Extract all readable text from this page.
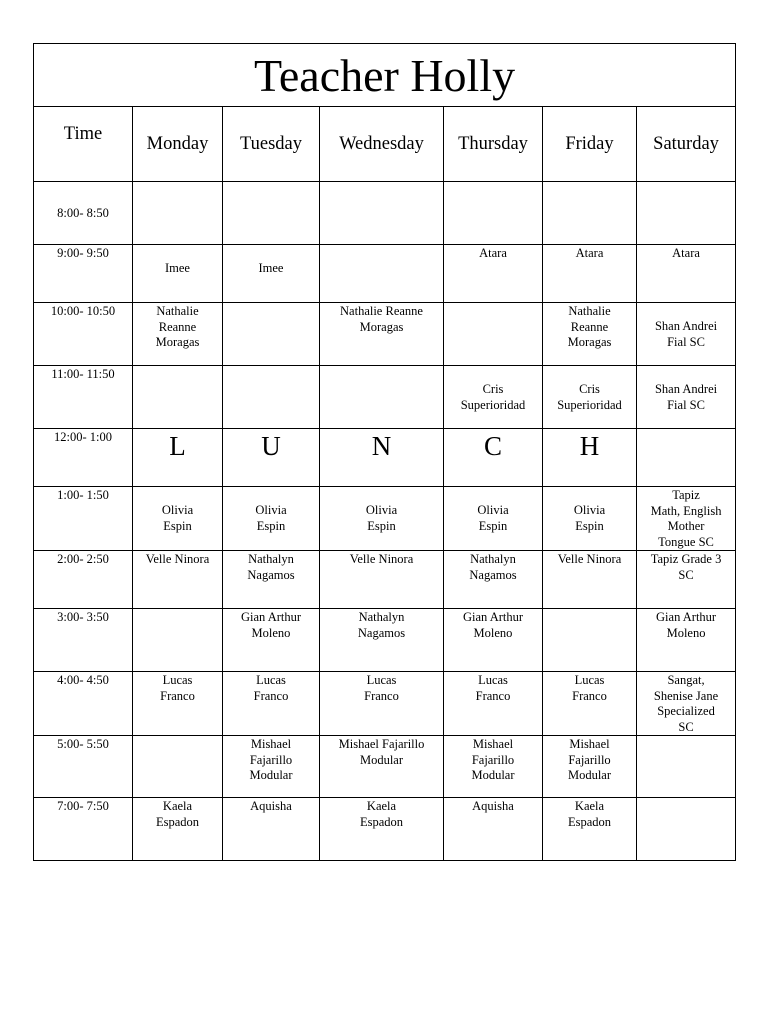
Teacher Holly						
Time	Monday	Tuesday	Wednesday	Thursday	Friday	Saturday
8:00- 8:50						
9:00- 9:50	Imee	Imee		Atara	Atara	Atara

10:00- 10:50	Nathalie
Reanne
Moragas		Nathalie Reanne
Moragas		Nathalie
Reanne
Moragas	Shan Andrei
Fial SC

11:00- 11:50				Cris
Superioridad	Cris
Superioridad	Shan Andrei
Fial SC

12:00- 1:00	L	U	N	C	H	
1:00- 1:50	Olivia
Espin	Olivia
Espin	Olivia
Espin	Olivia
Espin	Olivia
Espin	Tapiz
Math, English
Mother
Tongue SC

2:00- 2:50	Velle Ninora	Nathalyn
Nagamos	Velle Ninora	Nathalyn
Nagamos	Velle Ninora	Tapiz Grade 3
SC

3:00- 3:50		Gian Arthur
Moleno	Nathalyn
Nagamos	Gian Arthur
Moleno		Gian Arthur
Moleno

4:00- 4:50	Lucas
Franco	Lucas
Franco	Lucas
Franco	Lucas
Franco	Lucas
Franco	Sangat,
Shenise Jane
Specialized
SC

5:00- 5:50		Mishael
Fajarillo
Modular	Mishael Fajarillo
Modular	Mishael
Fajarillo
Modular	Mishael
Fajarillo
Modular	

7:00- 7:50	Kaela
Espadon	Aquisha	Kaela
Espadon	Aquisha	Kaela
Espadon	
